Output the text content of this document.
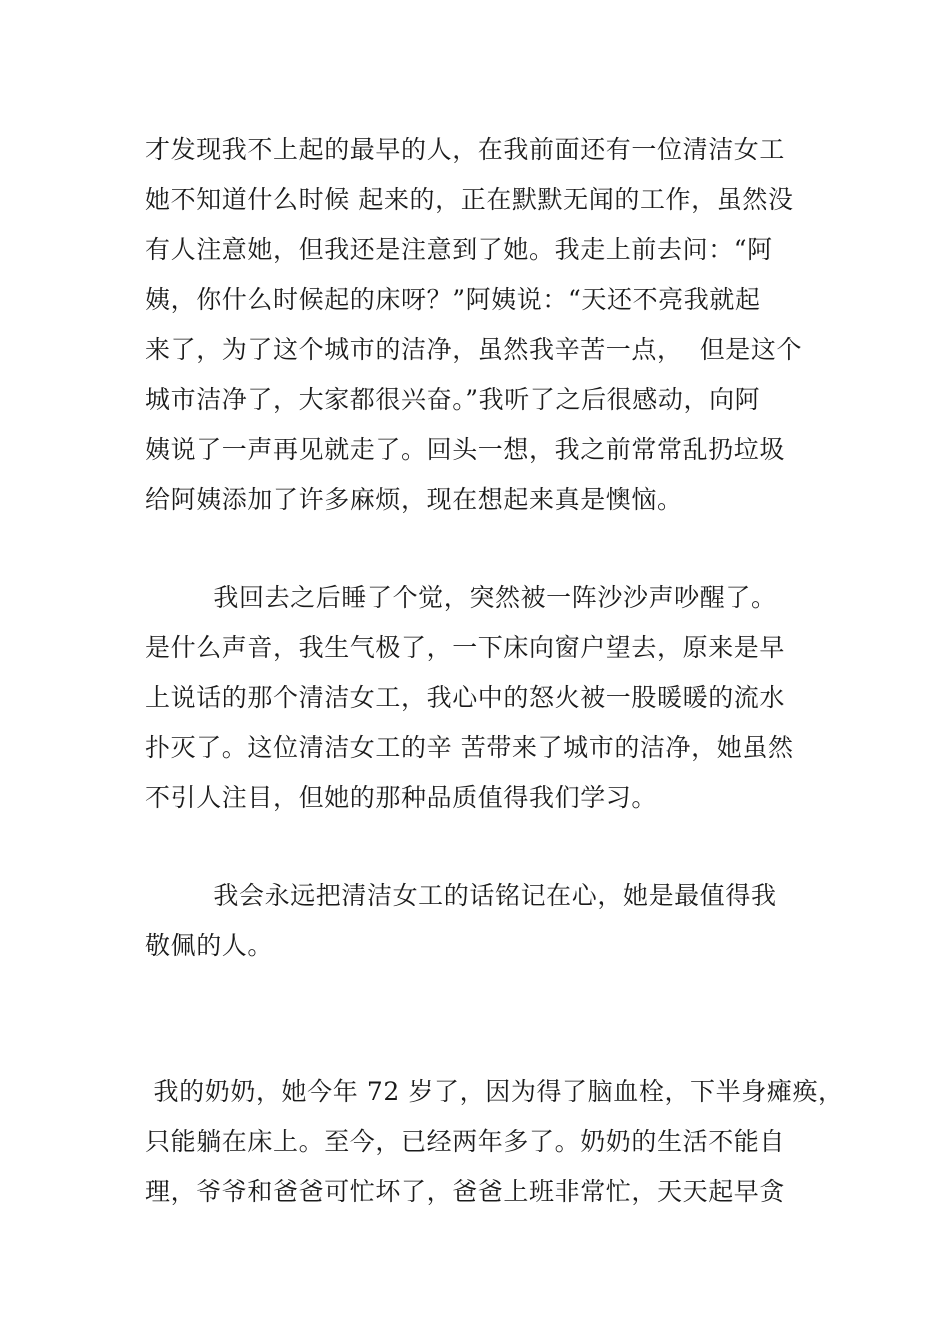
才发现我不上起的最早的人，在我前面还有一位清洁女工

她不知道什么时候 起来的，正在默默无闻的工作，虽然没

有人注意她，但我还是注意到了她。我走上前去问：“阿

姨，你什么时候起的床呀？”阿姨说：“天还不亮我就起

来了，为了这个城市的洁净，虽然我辛苦一点，  但是这个

城市洁净了，大家都很兴奋。”我听了之后很感动，向阿

姨说了一声再见就走了。回头一想，我之前常常乱扔垃圾

给阿姨添加了许多麻烦，现在想起来真是懊恼。

我回去之后睡了个觉，突然被一阵沙沙声吵醒了。

是什么声音，我生气极了，一下床向窗户望去，原来是早

上说话的那个清洁女工，我心中的怒火被一股暖暖的流水

扑灭了。这位清洁女工的辛 苦带来了城市的洁净，她虽然

不引人注目，但她的那种品质值得我们学习。

我会永远把清洁女工的话铭记在心，她是最值得我

敬佩的人。

我的奶奶，她今年 72 岁了，因为得了脑血栓，下半身瘫痪，

只能躺在床上。至今，已经两年多了。奶奶的生活不能自

理，爷爷和爸爸可忙坏了，爸爸上班非常忙，天天起早贪
